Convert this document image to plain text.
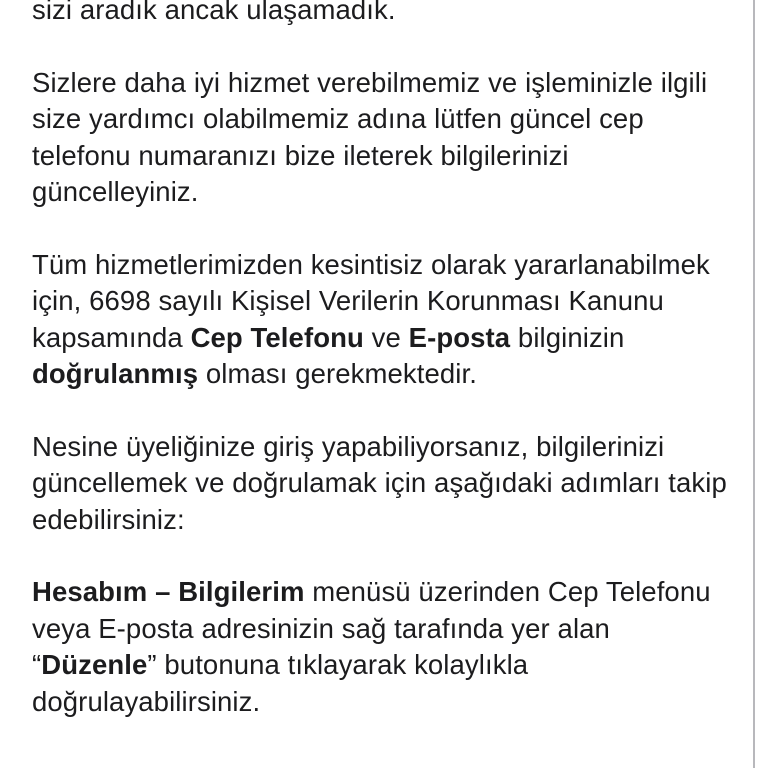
sizi aradık ancak ulaşamadık.

Sizlere daha iyi hizmet verebilmemiz ve işleminizle ilgili size yardımcı olabilmemiz adına lütfen güncel cep telefonu numaranızı bize ileterek bilgilerinizi güncelleyiniz.

Tüm hizmetlerimizden kesintisiz olarak yararlanabilmek için, 6698 sayılı Kişisel Verilerin Korunması Kanunu kapsamında Cep Telefonu ve E-posta bilginizin doğrulanmış olması gerekmektedir.

Nesine üyeliğinize giriş yapabiliyorsanız, bilgilerinizi güncellemek ve doğrulamak için aşağıdaki adımları takip edebilirsiniz:

Hesabım – Bilgilerim menüsü üzerinden Cep Telefonu veya E-posta adresinizin sağ tarafında yer alan “Düzenle” butonuna tıklayarak kolaylıkla doğrulayabilirsiniz.
